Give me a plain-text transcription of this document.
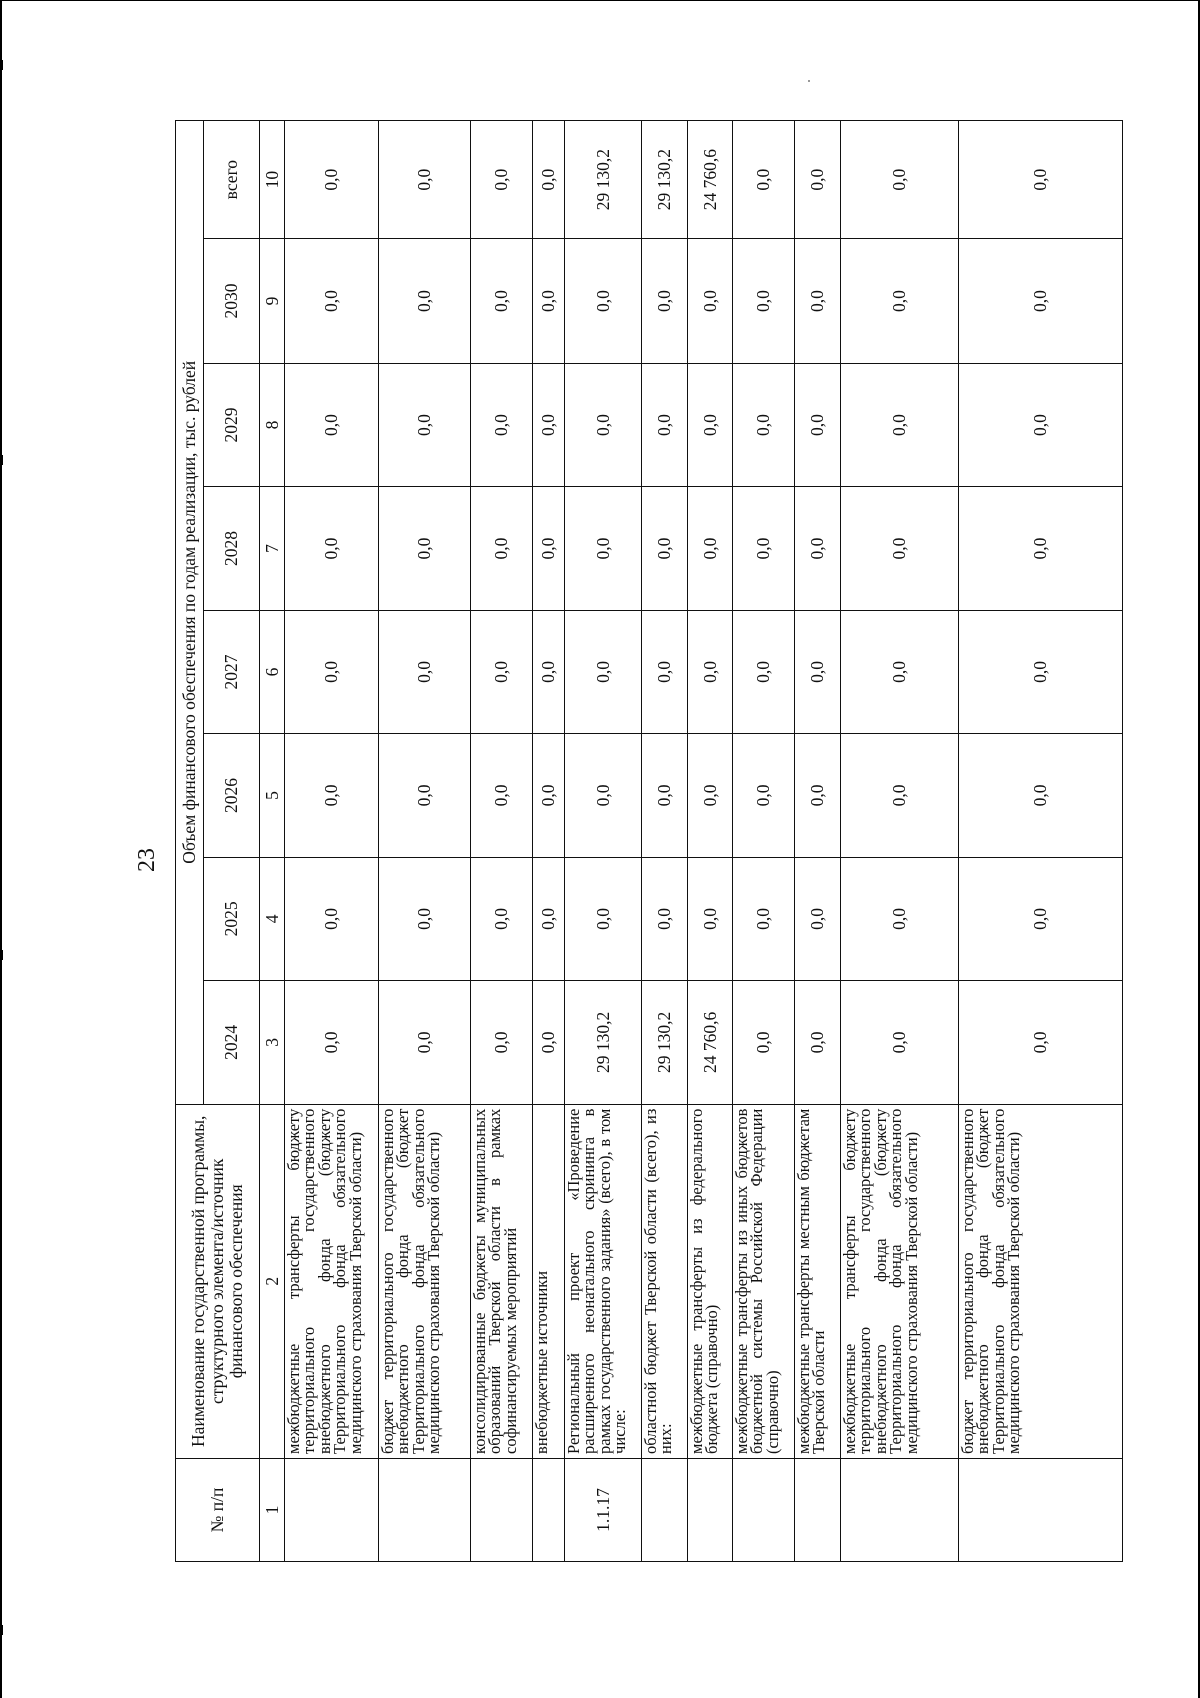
23
№ п/п	Наименование государственной программы, структурного элемента/источник финансового обеспечения	Объем финансового обеспечения по годам реализации, тыс. рублей							
		2024	2025	2026	2027	2028	2029	2030	всего
1	2	3	4	5	6	7	8	9	10
	межбюджетные трансферты бюджету территориального государственного внебюджетного фонда (бюджету Территориального фонда обязательного медицинского страхования Тверской области)	0,0	0,0	0,0	0,0	0,0	0,0	0,0	0,0
	бюджет территориального государственного внебюджетного фонда (бюджет Территориального фонда обязательного медицинского страхования Тверской области)	0,0	0,0	0,0	0,0	0,0	0,0	0,0	0,0
	консолидированные бюджеты муниципальных образований Тверской области в рамках софинансируемых мероприятий	0,0	0,0	0,0	0,0	0,0	0,0	0,0	0,0
	внебюджетные источники	0,0	0,0	0,0	0,0	0,0	0,0	0,0	0,0
1.1.17	Региональный проект «Проведение расширенного неонатального скрининга в рамках государственного задания» (всего), в том числе:	29 130,2	0,0	0,0	0,0	0,0	0,0	0,0	29 130,2
	областной бюджет Тверской области (всего), из них:	29 130,2	0,0	0,0	0,0	0,0	0,0	0,0	29 130,2
	межбюджетные трансферты из федерального бюджета (справочно)	24 760,6	0,0	0,0	0,0	0,0	0,0	0,0	24 760,6
	межбюджетные трансферты из иных бюджетов бюджетной системы Российской Федерации (справочно)	0,0	0,0	0,0	0,0	0,0	0,0	0,0	0,0
	межбюджетные трансферты местным бюджетам Тверской области	0,0	0,0	0,0	0,0	0,0	0,0	0,0	0,0
	межбюджетные трансферты бюджету территориального государственного внебюджетного фонда (бюджету Территориального фонда обязательного медицинского страхования Тверской области)	0,0	0,0	0,0	0,0	0,0	0,0	0,0	0,0
	бюджет территориального государственного внебюджетного фонда (бюджет Территориального фонда обязательного медицинского страхования Тверской области)	0,0	0,0	0,0	0,0	0,0	0,0	0,0	0,0
